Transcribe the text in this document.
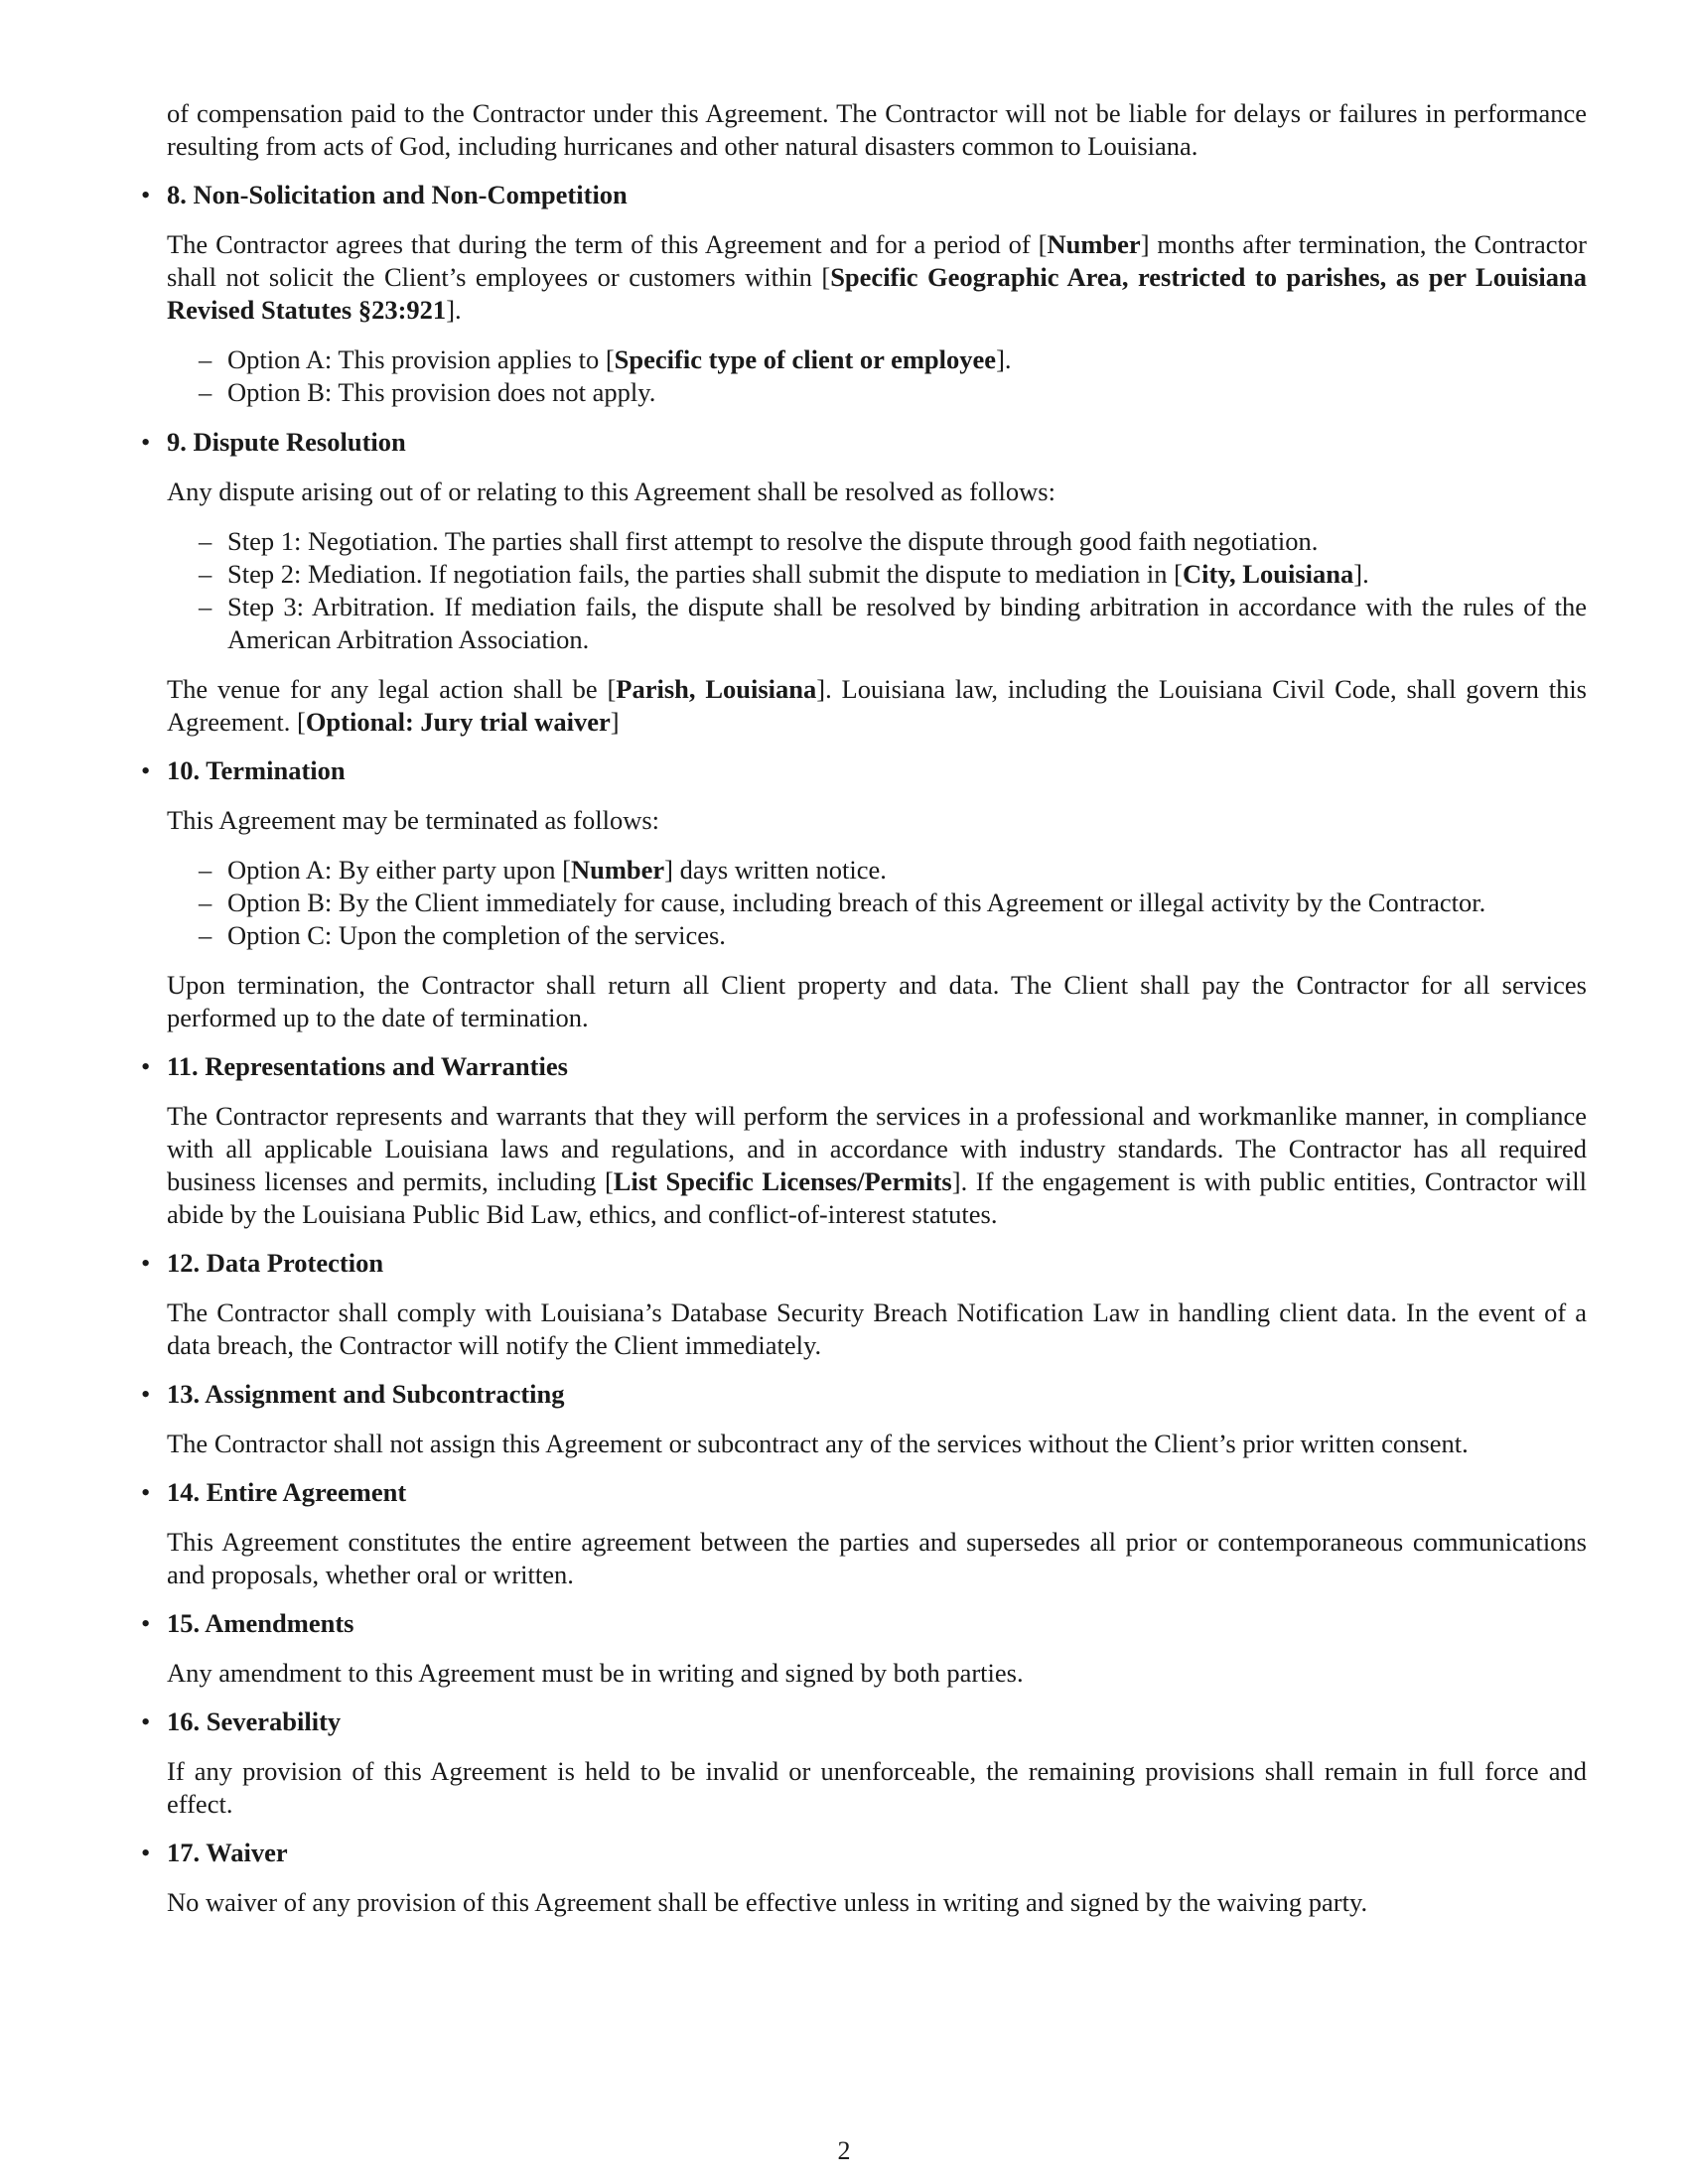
of compensation paid to the Contractor under this Agreement. The Contractor will not be liable for delays or failures in performance resulting from acts of God, including hurricanes and other natural disasters common to Louisiana.

• 8. Non-Solicitation and Non-Competition

The Contractor agrees that during the term of this Agreement and for a period of [Number] months after termination, the Contractor shall not solicit the Client’s employees or customers within [Specific Geographic Area, restricted to parishes, as per Louisiana Revised Statutes §23:921].

– Option A: This provision applies to [Specific type of client or employee].
– Option B: This provision does not apply.
• 9. Dispute Resolution

Any dispute arising out of or relating to this Agreement shall be resolved as follows:

– Step 1: Negotiation. The parties shall first attempt to resolve the dispute through good faith negotiation.
– Step 2: Mediation. If negotiation fails, the parties shall submit the dispute to mediation in [City, Louisiana].
– Step 3: Arbitration. If mediation fails, the dispute shall be resolved by binding arbitration in accordance with the rules of the American Arbitration Association.

The venue for any legal action shall be [Parish, Louisiana]. Louisiana law, including the Louisiana Civil Code, shall govern this Agreement. [Optional: Jury trial waiver]

• 10. Termination

This Agreement may be terminated as follows:

– Option A: By either party upon [Number] days written notice.
– Option B: By the Client immediately for cause, including breach of this Agreement or illegal activity by the Contractor.
– Option C: Upon the completion of the services.

Upon termination, the Contractor shall return all Client property and data. The Client shall pay the Contractor for all services performed up to the date of termination.

• 11. Representations and Warranties

The Contractor represents and warrants that they will perform the services in a professional and workmanlike manner, in compliance with all applicable Louisiana laws and regulations, and in accordance with industry standards. The Contractor has all required business licenses and permits, including [List Specific Licenses/Permits]. If the engagement is with public entities, Contractor will abide by the Louisiana Public Bid Law, ethics, and conflict-of-interest statutes.

• 12. Data Protection

The Contractor shall comply with Louisiana’s Database Security Breach Notification Law in handling client data. In the event of a data breach, the Contractor will notify the Client immediately.

• 13. Assignment and Subcontracting

The Contractor shall not assign this Agreement or subcontract any of the services without the Client’s prior written consent.

• 14. Entire Agreement

This Agreement constitutes the entire agreement between the parties and supersedes all prior or contemporaneous communications and proposals, whether oral or written.

• 15. Amendments

Any amendment to this Agreement must be in writing and signed by both parties.

• 16. Severability

If any provision of this Agreement is held to be invalid or unenforceable, the remaining provisions shall remain in full force and effect.

• 17. Waiver

No waiver of any provision of this Agreement shall be effective unless in writing and signed by the waiving party.

2
